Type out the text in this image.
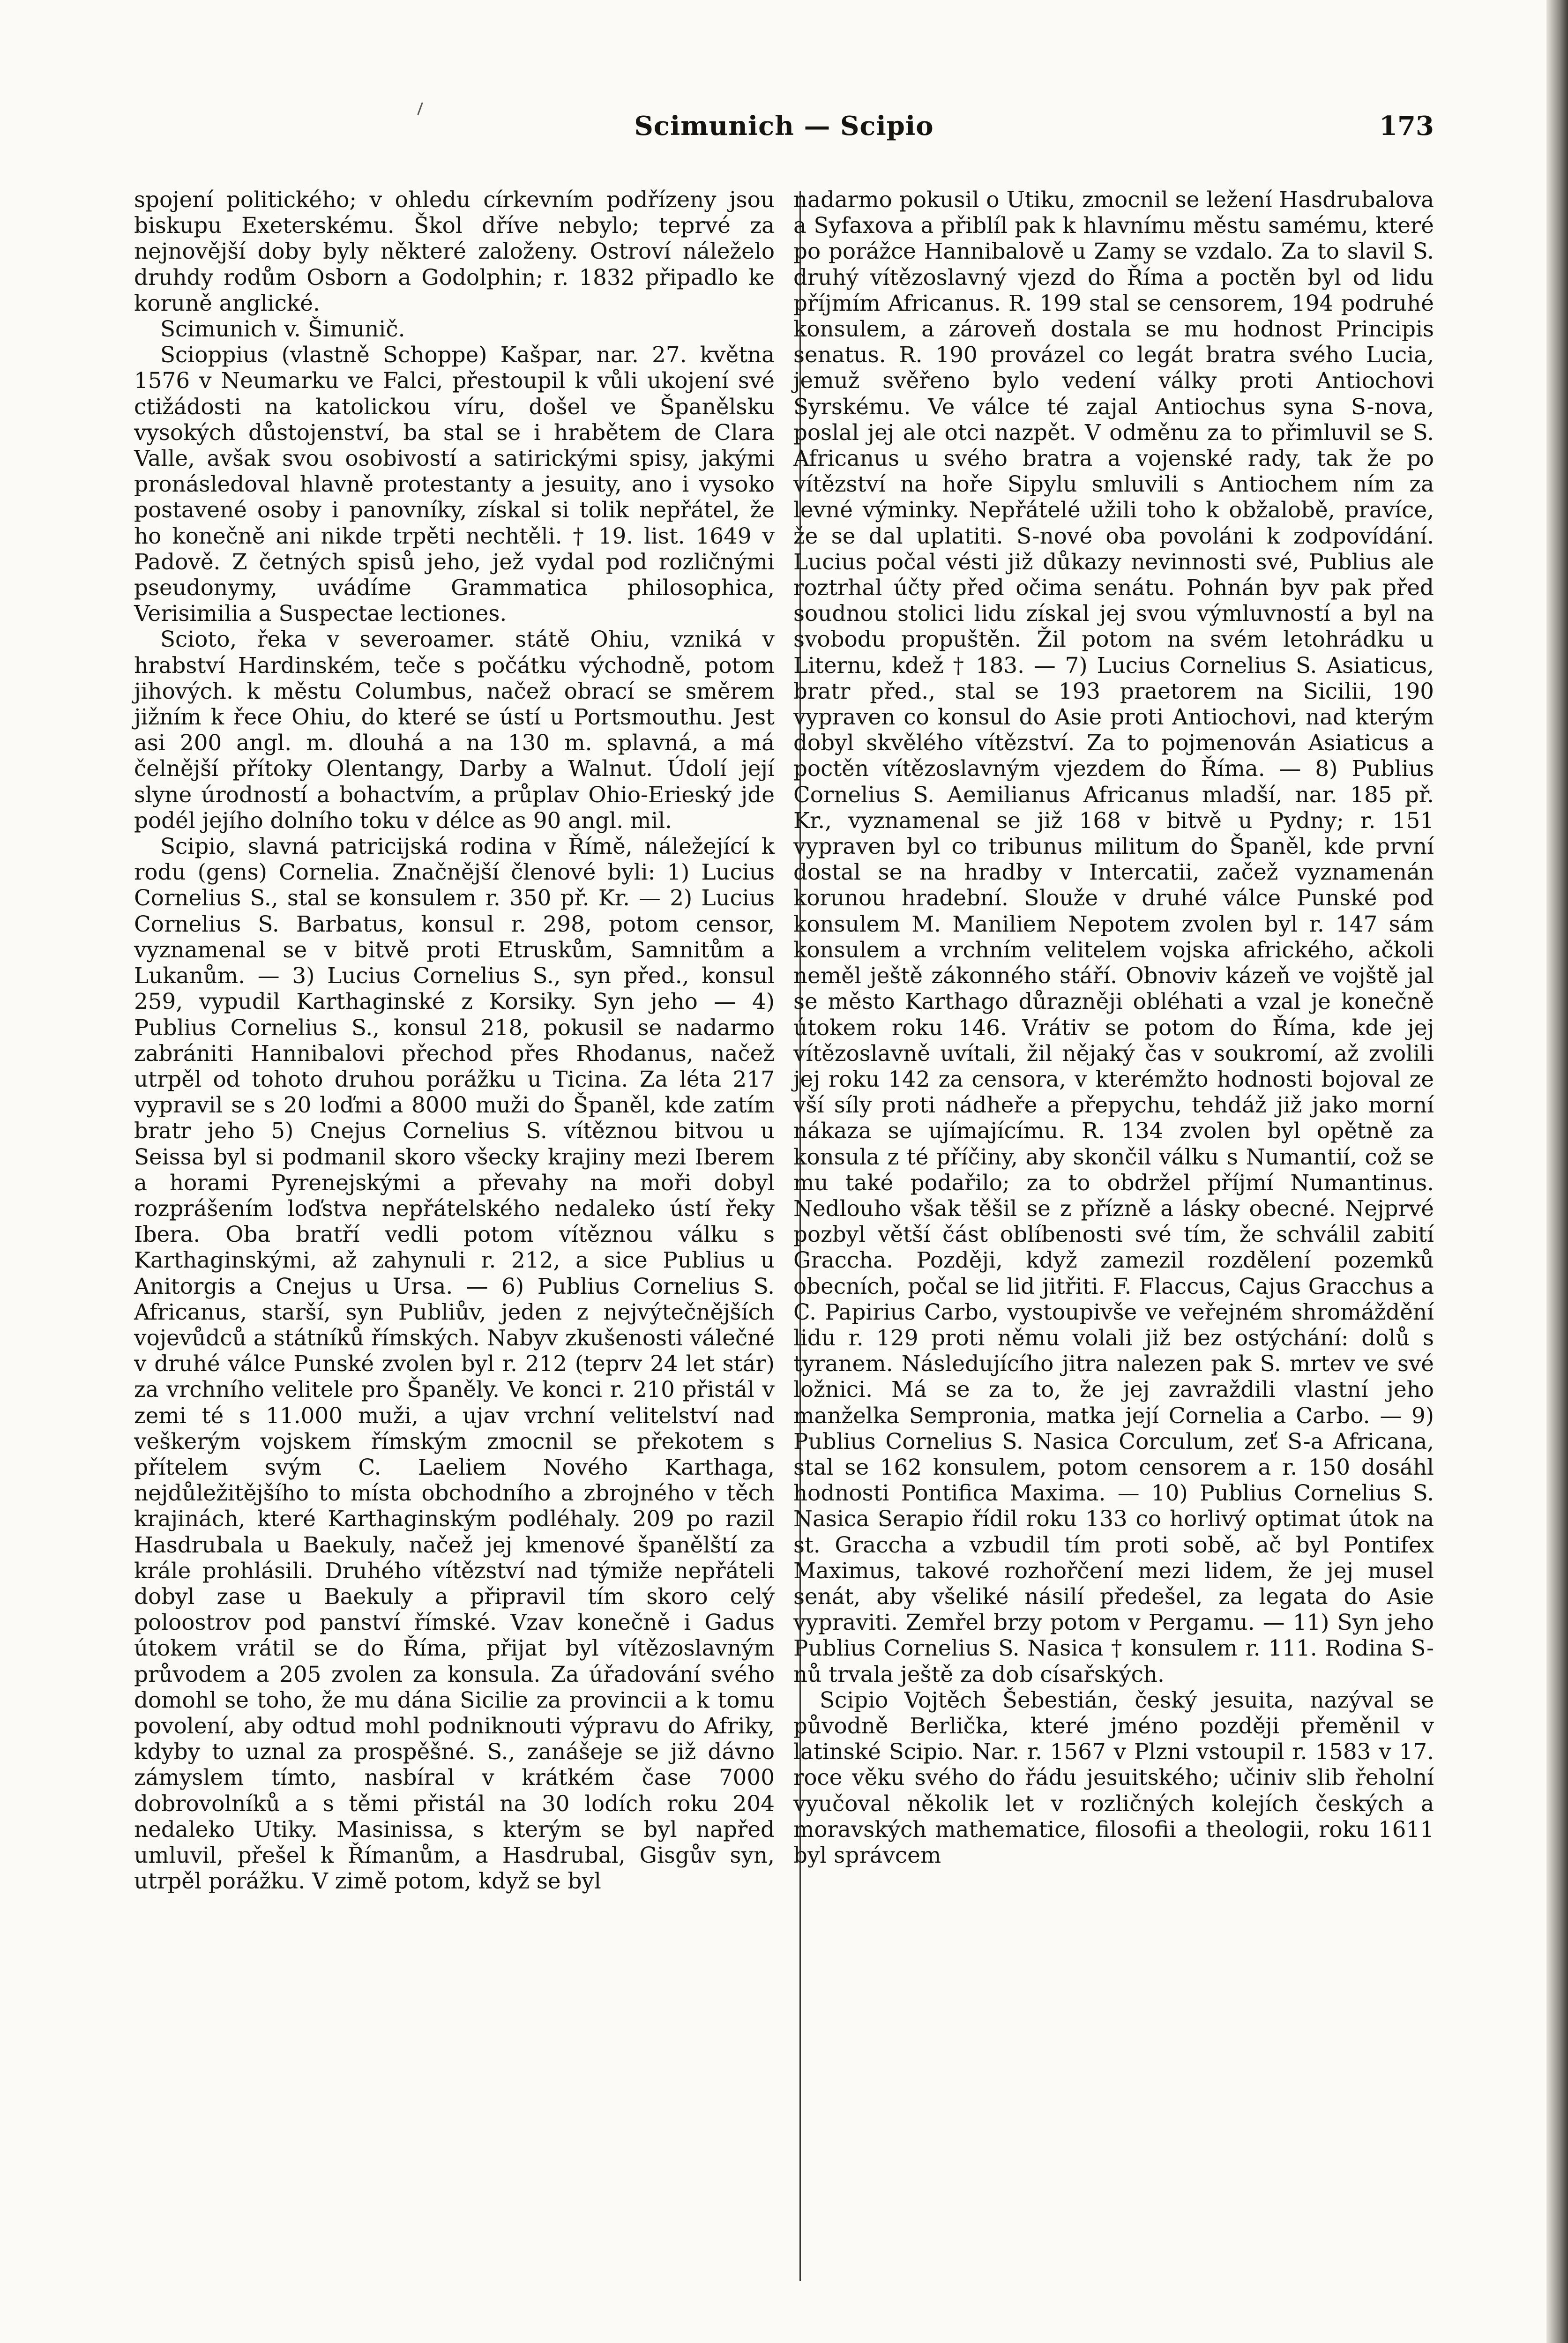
Scimunich — Scipio	173

spojení politického; v ohledu církevním podřízeny jsou biskupu Exeterskému. Škol dříve nebylo; teprvé za nejnovější doby byly některé založeny. Ostroví náleželo druhdy rodům Osborn a Godolphin; r. 1832 připadlo ke koruně anglické.

Scimunich v. Šimunič.

Scioppius (vlastně Schoppe) Kašpar, nar. 27. května 1576 v Neumarku ve Falci, přestoupil k vůli ukojení své ctižádosti na katolickou víru, došel ve Španělsku vysokých důstojenství, ba stal se i hrabětem de Clara Valle, avšak svou osobivostí a satirickými spisy, jakými pronásledoval hlavně protestanty a jesuity, ano i vysoko postavené osoby i panovníky, získal si tolik nepřátel, že ho konečně ani nikde trpěti nechtěli. † 19. list. 1649 v Padově. Z četných spisů jeho, jež vydal pod rozličnými pseudonymy, uvádíme Grammatica philosophica, Verisimilia a Suspectae lectiones.

Scioto, řeka v severoamer. státě Ohiu, vzniká v hrabství Hardinském, teče s počátku východně, potom jihových. k městu Columbus, načež obrací se směrem jižním k řece Ohiu, do které se ústí u Portsmouthu. Jest asi 200 angl. m. dlouhá a na 130 m. splavná, a má čelnější přítoky Olentangy, Darby a Walnut. Údolí její slyne úrodností a bohactvím, a průplav Ohio-Erieský jde podél jejího dolního toku v délce as 90 angl. mil.

Scipio, slavná patricijská rodina v Římě, náležející k rodu (gens) Cornelia. Značnější členové byli: 1) Lucius Cornelius S., stal se konsulem r. 350 př. Kr. — 2) Lucius Cornelius S. Barbatus, konsul r. 298, potom censor, vyznamenal se v bitvě proti Etruskům, Samnitům a Lukanům. — 3) Lucius Cornelius S., syn před., konsul 259, vypudil Karthaginské z Korsiky. Syn jeho — 4) Publius Cornelius S., konsul 218, pokusil se nadarmo zabrániti Hannibalovi přechod přes Rhodanus, načež utrpěl od tohoto druhou porážku u Ticina. Za léta 217 vypravil se s 20 loďmi a 8000 muži do Španěl, kde zatím bratr jeho 5) Cnejus Cornelius S. vítěznou bitvou u Seissa byl si podmanil skoro všecky krajiny mezi Iberem a horami Pyrenejskými a převahy na moři dobyl rozprášením loďstva nepřátelského nedaleko ústí řeky Ibera. Oba bratří vedli potom vítěznou válku s Karthaginskými, až zahynuli r. 212, a sice Publius u Anitorgis a Cnejus u Ursa. — 6) Publius Cornelius S. Africanus, starší, syn Publiův, jeden z nejvýtečnějších vojevůdců a státníků římských. Nabyv zkušenosti válečné v druhé válce Punské zvolen byl r. 212 (teprv 24 let stár) za vrchního velitele pro Španěly. Ve konci r. 210 přistál v zemi té s 11.000 muži, a ujav vrchní velitelství nad veškerým vojskem římským zmocnil se překotem s přítelem svým C. Laeliem Nového Karthaga, nejdůležitějšího to místa obchodního a zbrojného v těch krajinách, které Karthaginským podléhaly. 209 po razil Hasdrubala u Baekuly, načež jej kmenové španělští za krále prohlásili. Druhého vítězství nad týmiže nepřáteli dobyl zase u Baekuly a připravil tím skoro celý poloostrov pod panství římské. Vzav konečně i Gadus útokem vrátil se do Říma, přijat byl vítězoslavným průvodem a 205 zvolen za konsula. Za úřadování svého domohl se toho, že mu dána Sicilie za provincii a k tomu povolení, aby odtud mohl podniknouti výpravu do Afriky, kdyby to uznal za prospěšné. S., zanášeje se již dávno zámyslem tímto, nasbíral v krátkém čase 7000 dobrovolníků a s těmi přistál na 30 lodích roku 204 nedaleko Utiky. Masinissa, s kterým se byl napřed umluvil, přešel k Římanům, a Hasdrubal, Gisgův syn, utrpěl porážku. V zimě potom, když se byl

nadarmo pokusil o Utiku, zmocnil se ležení Hasdrubalova a Syfaxova a přiblíl pak k hlavnímu městu samému, které po porážce Hannibalově u Zamy se vzdalo. Za to slavil S. druhý vítězoslavný vjezd do Říma a poctěn byl od lidu příjmím Africanus. R. 199 stal se censorem, 194 podruhé konsulem, a zároveň dostala se mu hodnost Principis senatus. R. 190 provázel co legát bratra svého Lucia, jemuž svěřeno bylo vedení války proti Antiochovi Syrskému. Ve válce té zajal Antiochus syna S-nova, poslal jej ale otci nazpět. V odměnu za to přimluvil se S. Africanus u svého bratra a vojenské rady, tak že po vítězství na hoře Sipylu smluvili s Antiochem ním za levné výminky. Nepřátelé užili toho k obžalobě, pravíce, že se dal uplatiti. S-nové oba povoláni k zodpovídání. Lucius počal vésti již důkazy nevinnosti své, Publius ale roztrhal účty před očima senátu. Pohnán byv pak před soudnou stolici lidu získal jej svou výmluvností a byl na svobodu propuštěn. Žil potom na svém letohrádku u Liternu, kdež † 183. — 7) Lucius Cornelius S. Asiaticus, bratr před., stal se 193 praetorem na Sicilii, 190 vypraven co konsul do Asie proti Antiochovi, nad kterým dobyl skvělého vítězství. Za to pojmenován Asiaticus a poctěn vítězoslavným vjezdem do Říma. — 8) Publius Cornelius S. Aemilianus Africanus mladší, nar. 185 př. Kr., vyznamenal se již 168 v bitvě u Pydny; r. 151 vypraven byl co tribunus militum do Španěl, kde první dostal se na hradby v Intercatii, začež vyznamenán korunou hradební. Slouže v druhé válce Punské pod konsulem M. Maniliem Nepotem zvolen byl r. 147 sám konsulem a vrchním velitelem vojska afrického, ačkoli neměl ještě zákonného stáří. Obnoviv kázeň ve vojště jal se město Karthago důrazněji obléhati a vzal je konečně útokem roku 146. Vrátiv se potom do Říma, kde jej vítězoslavně uvítali, žil nějaký čas v soukromí, až zvolili jej roku 142 za censora, v kterémžto hodnosti bojoval ze vší síly proti nádheře a přepychu, tehdáž již jako morní nákaza se ujímajícímu. R. 134 zvolen byl opětně za konsula z té příčiny, aby skončil válku s Numantií, což se mu také podařilo; za to obdržel příjmí Numantinus. Nedlouho však těšil se z přízně a lásky obecné. Nejprvé pozbyl větší část oblíbenosti své tím, že schválil zabití Graccha. Později, když zamezil rozdělení pozemků obecních, počal se lid jitřiti. F. Flaccus, Cajus Gracchus a C. Papirius Carbo, vystoupivše ve veřejném shromáždění lidu r. 129 proti němu volali již bez ostýchání: dolů s tyranem. Následujícího jitra nalezen pak S. mrtev ve své ložnici. Má se za to, že jej zavraždili vlastní jeho manželka Sempronia, matka její Cornelia a Carbo. — 9) Publius Cornelius S. Nasica Corculum, zeť S-a Africana, stal se 162 konsulem, potom censorem a r. 150 dosáhl hodnosti Pontifica Maxima. — 10) Publius Cornelius S. Nasica Serapio řídil roku 133 co horlivý optimat útok na st. Graccha a vzbudil tím proti sobě, ač byl Pontifex Maximus, takové rozhořčení mezi lidem, že jej musel senát, aby všeliké násilí předešel, za legata do Asie vypraviti. Zemřel brzy potom v Pergamu. — 11) Syn jeho Publius Cornelius S. Nasica † konsulem r. 111. Rodina S-nů trvala ještě za dob císařských.

Scipio Vojtěch Šebestián, český jesuita, nazýval se původně Berlička, které jméno později přeměnil v latinské Scipio. Nar. r. 1567 v Plzni vstoupil r. 1583 v 17. roce věku svého do řádu jesuitského; učiniv slib řeholní vyučoval několik let v rozličných kolejích českých a moravských mathematice, filosofii a theologii, roku 1611 byl správcem
